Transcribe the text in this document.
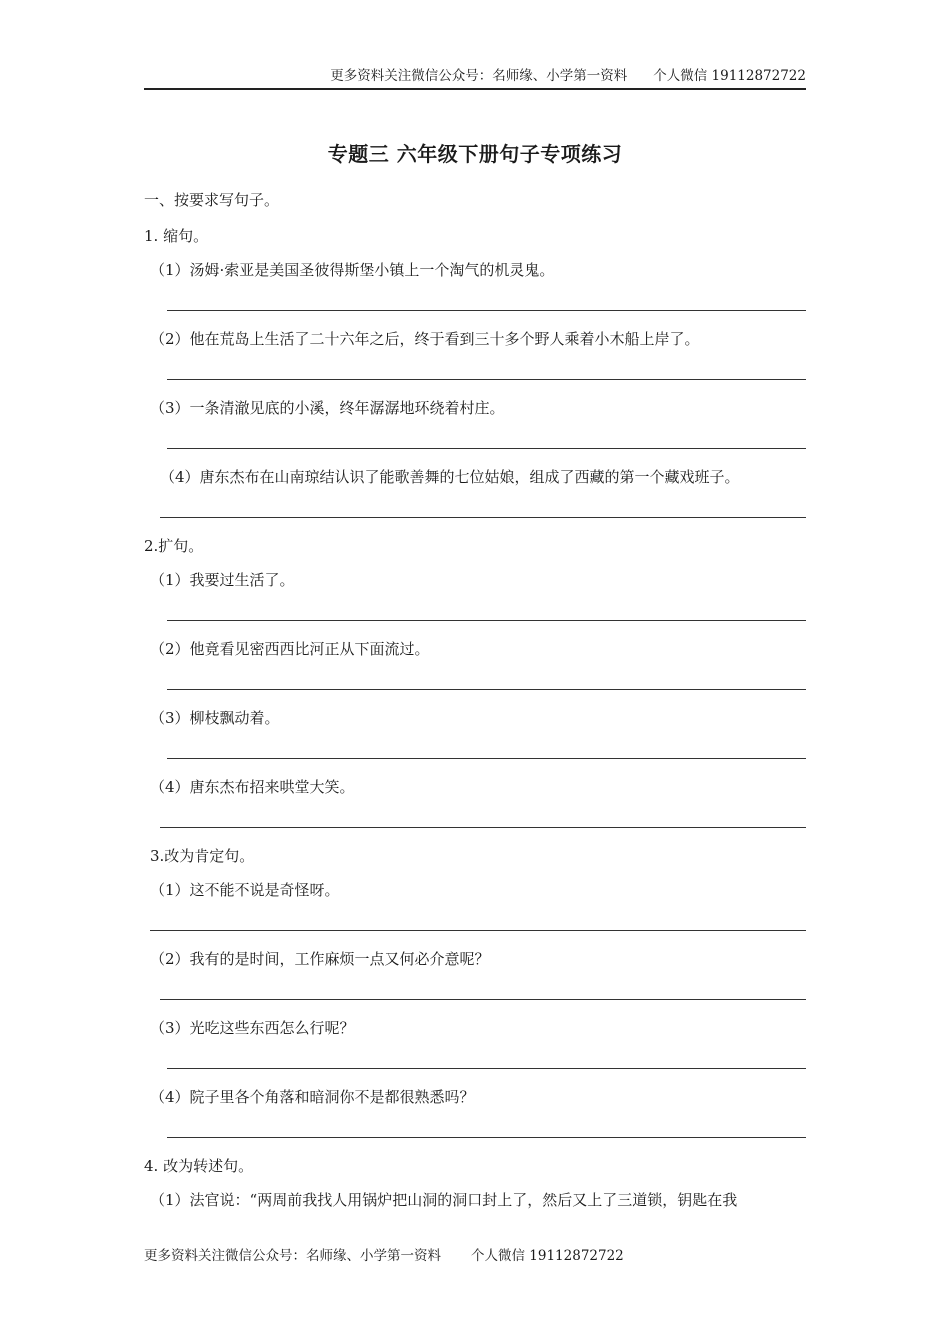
更多资料关注微信公众号：名师缘、小学第一资料 个人微信 19112872722
专题三 六年级下册句子专项练习
一、按要求写句子。
1. 缩句。
（1）汤姆·索亚是美国圣彼得斯堡小镇上一个淘气的机灵鬼。
（2）他在荒岛上生活了二十六年之后，终于看到三十多个野人乘着小木船上岸了。
（3）一条清澈见底的小溪，终年潺潺地环绕着村庄。
（4）唐东杰布在山南琼结认识了能歌善舞的七位姑娘，组成了西藏的第一个藏戏班子。
2.扩句。
（1）我要过生活了。
（2）他竟看见密西西比河正从下面流过。
（3）柳枝飘动着。
（4）唐东杰布招来哄堂大笑。
3.改为肯定句。
（1）这不能不说是奇怪呀。
（2）我有的是时间，工作麻烦一点又何必介意呢？
（3）光吃这些东西怎么行呢？
（4）院子里各个角落和暗洞你不是都很熟悉吗？
4. 改为转述句。
（1）法官说：“两周前我找人用锅炉把山洞的洞口封上了，然后又上了三道锁，钥匙在我
更多资料关注微信公众号：名师缘、小学第一资料 个人微信 19112872722
